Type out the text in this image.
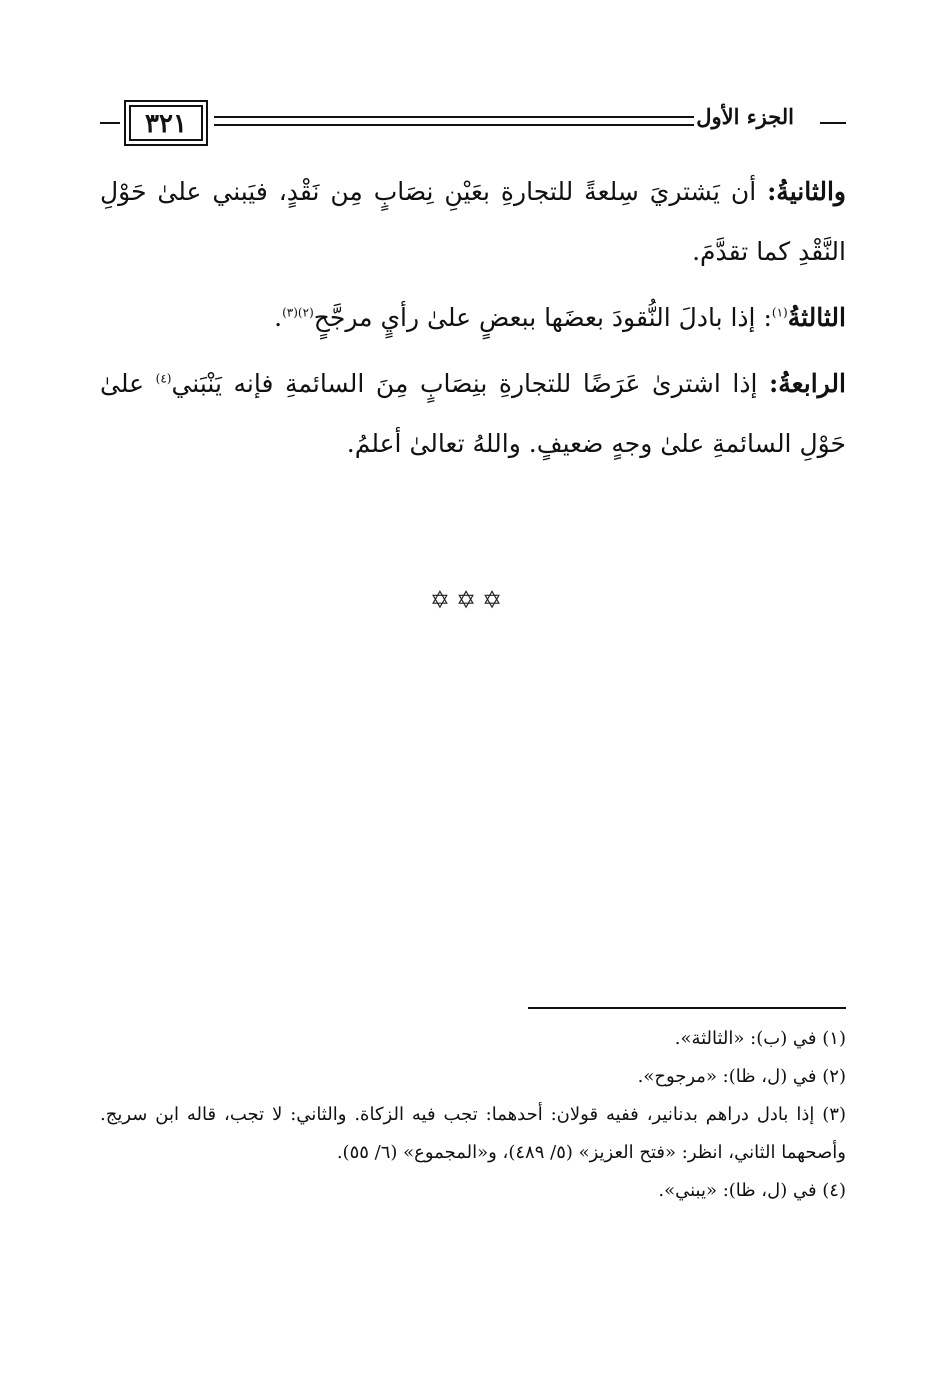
٣٢١	الجزء الأول

والثانيةُ: أن يَشتريَ سِلعةً للتجارةِ بعَيْنِ نِصَابٍ مِن نَقْدٍ، فيَبني علىٰ حَوْلِ النَّقْدِ كما تقدَّمَ.

الثالثةُ$^{(١)}$: إذا بادلَ النُّقودَ بعضَها ببعضٍ علىٰ رأيٍ مرجَّحٍ$^{(٢)(٣)}$.

الرابعةُ: إذا اشترىٰ عَرَضًا للتجارةِ بنِصَابٍ مِنَ السائمةِ فإنه يَنْبَني$^{(٤)}$ علىٰ حَوْلِ السائمةِ علىٰ وجهٍ ضعيفٍ. واللهُ تعالىٰ أعلمُ.

✡✡✡

(١) في (ب): «الثالثة».

(٢) في (ل، ظا): «مرجوح».

(٣) إذا بادل دراهم بدنانير، ففيه قولان: أحدهما: تجب فيه الزكاة. والثاني: لا تجب، قاله ابن سريج. وأصحهما الثاني، انظر: «فتح العزيز» (٥/ ٤٨٩)، و«المجموع» (٦/ ٥٥).

(٤) في (ل، ظا): «يبني».
